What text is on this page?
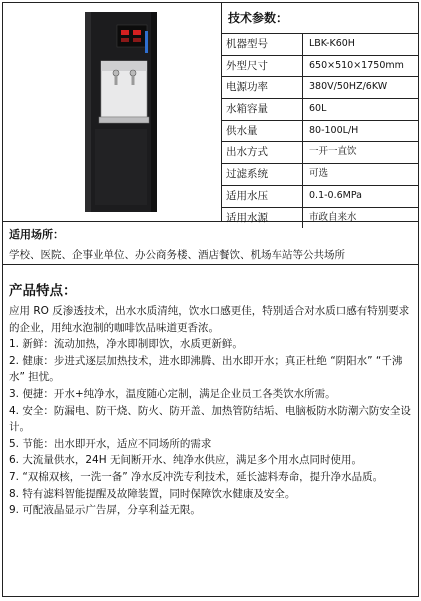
技术参数：
机器型号	LBK-K60H
外型尺寸	650×510×1750mm
电源功率	380V/50HZ/6KW
水箱容量	60L
供水量	80-100L/H
出水方式	一开一直饮
过滤系统	可选
适用水压	0.1-0.6MPa
适用水源	市政自来水
适用场所：
学校、医院、企事业单位、办公商务楼、酒店餐饮、机场车站等公共场所
产品特点：

应用 RO 反渗透技术，出水水质清纯，饮水口感更佳，特别适合对水质口感有特别要求的企业，用纯水泡制的咖啡饮品味道更香浓。

1. 新鲜：流动加热，净水即制即饮，水质更新鲜。

2. 健康：步进式逐层加热技术，进水即沸腾、出水即开水；真正杜绝 “阴阳水” “千沸水” 担忧。

3. 便捷：开水+纯净水，温度随心定制，满足企业员工各类饮水所需。

4. 安全：防漏电、防干烧、防火、防开盖、加热管防结垢、电脑板防水防潮六防安全设计。

5. 节能：出水即开水，适应不同场所的需求

6. 大流量供水，24H 无间断开水、纯净水供应，满足多个用水点同时使用。

7. “双棉双核，一洗一备” 净水反冲洗专利技术，延长滤料寿命，提升净水品质。

8. 特有滤料智能提醒及故障装置，同时保障饮水健康及安全。

9. 可配液晶显示广告屏，分享利益无限。
